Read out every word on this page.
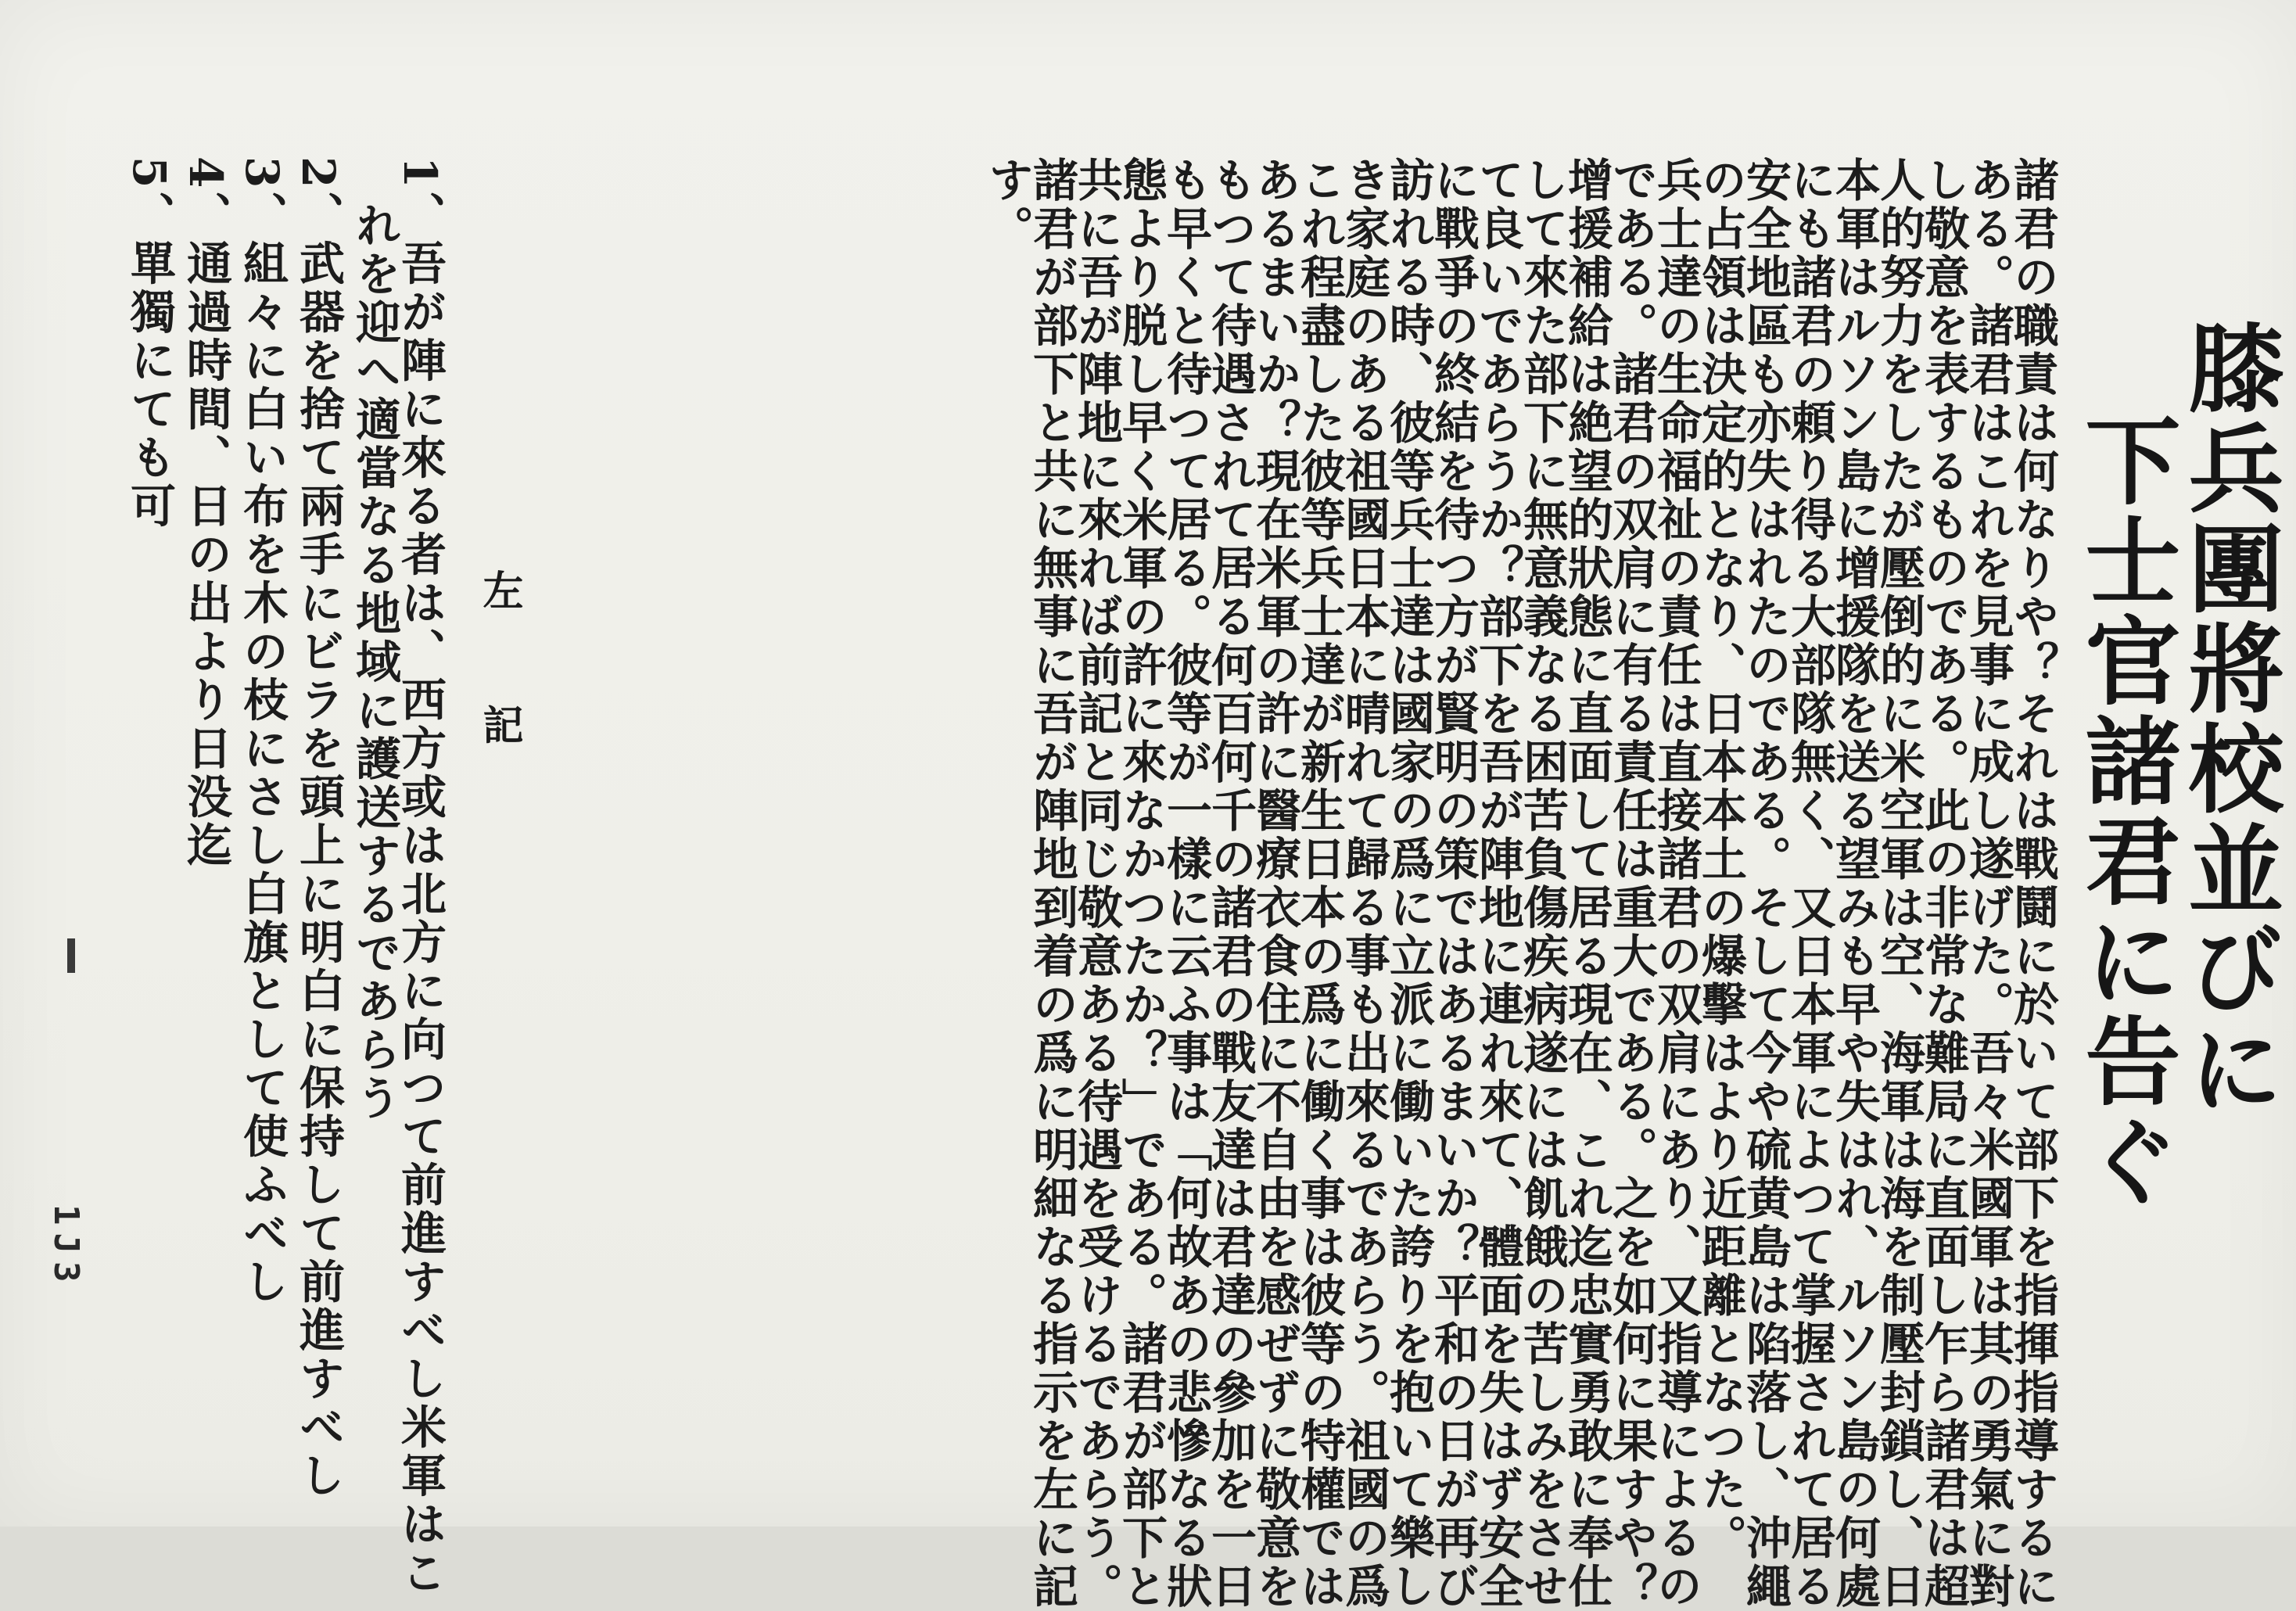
膝兵團將校並びに
下士官諸君に告ぐ
諸君の職責は何なりや？それは戰鬪に於いて部下を指揮指導するに
ある。諸君はこれを見事に成し遂げた。吾々米國軍は其の勇氣に對
し敬意を表するものである。此の非常な難局に直面し乍ら諸君は超
人的努力をしたが壓倒的に米空軍は空、海軍は海を制壓封鎖し、日
本軍はルソン島に增援隊を送る望みも早や失はれ、ルソン島の何處
にも諸君の頼り得る大部隊無く、又日本軍によつて掌握されて居る
安全地區も亦失はれたのである。そして今や硫黄島は陷落し、沖繩
の占領は決定的となり、日本本土の爆擊はより近距離となつた。
兵士達の生命福祉の責任は直接諸君の双肩にあり、又指導によるの
である。諸君の双肩に有る責任は重大である。之を如何に果すや？
增援補給は絶望的狀態に直面して居る現在、これ迄忠實勇敢に奉仕
して來た部下に無意義なる困苦負傷疾病遂には飢餓の苦しみをさせ
て良いであらうか？部下を吾が陣地に連れ來て、體面を失はず安全
に戰爭の終結を待つ方が賢明の策ではあるまいか？平和の日が再び
訪れる時、彼等兵士達は國家の爲に立派に働いた誇りを抱いて樂し
き家庭のある祖國日本に晴れて歸る事も出來るであらう。祖國の爲
これ程盡した彼等兵士達が新生日本の爲に働く事は彼等の特權では
あるまいか？現在米軍の許に醫療衣食住に不自由を感ぜずに敬意を
もつて待遇されて居る何百何千の諸君の戰友達は君達の參加を一日
も早くと待つて居る。彼等が一樣に云ふ事は「何故あの悲慘なる狀
態より脱し早く米軍の許に來なかつたか？」である。諸君が部下と
共に吾が陣地に來れば前記と同じ敬意ある待遇を受けるであらう。
諸君が部下と共に無事に吾が陣地到着の爲に明細なる指示を左に記
す。
左記
1、吾が陣に來る者は、西方或は北方に向つて前進すべし米軍はこ
れを迎へ適當なる地域に護送するであらう
2、武器を捨て兩手にビラを頭上に明白に保持して前進すべし
3、組々に白い布を木の枝にさし白旗として使ふべし
4、通過時間、日の出より日没迄
5、單獨にても可
1J3
